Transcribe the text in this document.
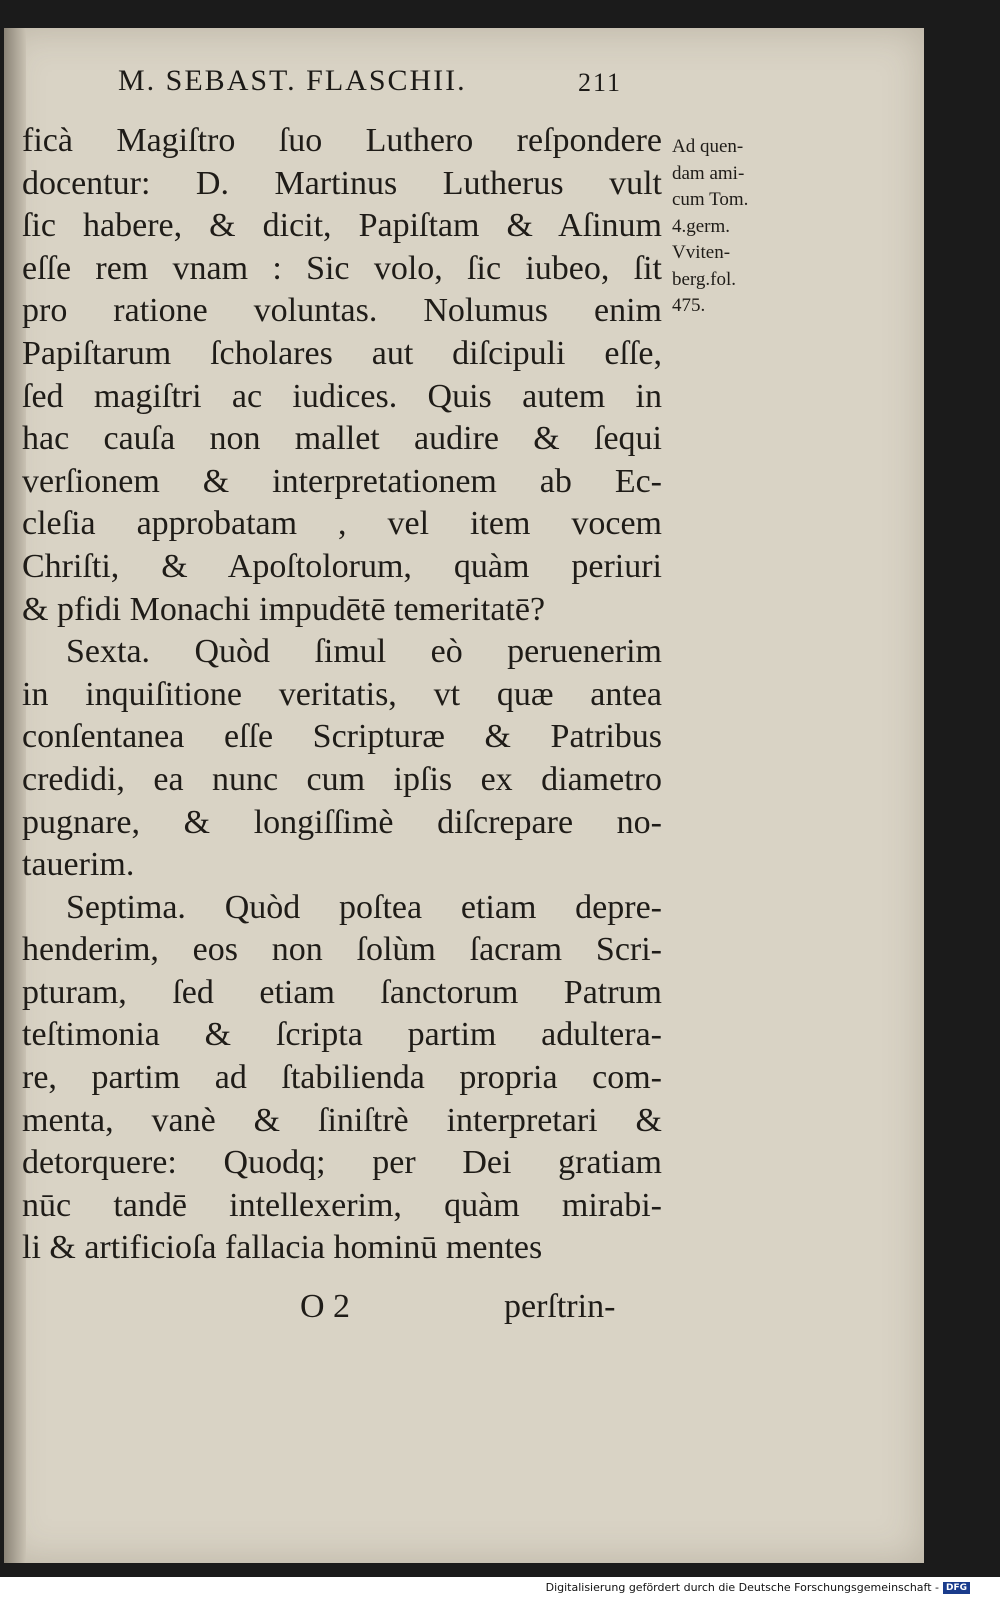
M. SEBAST. FLASCHII.	211
ficà Magiſtro ſuo Luthero reſpondere
docentur: D. Martinus Lutherus vult
ſic habere, & dicit, Papiſtam & Aſinum
eſſe rem vnam : Sic volo, ſic iubeo, ſit
pro ratione voluntas. Nolumus enim
Papiſtarum ſcholares aut diſcipuli eſſe,
ſed magiſtri ac iudices. Quis autem in
hac cauſa non mallet audire & ſequi
verſionem & interpretationem ab Ec-
cleſia approbatam , vel item vocem
Chriſti, & Apoſtolorum, quàm periuri
& pfidi Monachi impudētē temeritatē?
Sexta. Quòd ſimul eò peruenerim
in inquiſitione veritatis, vt quæ antea
conſentanea eſſe Scripturæ & Patribus
credidi, ea nunc cum ipſis ex diametro
pugnare, & longiſſimè diſcrepare no-
tauerim.
Septima. Quòd poſtea etiam depre-
henderim, eos non ſolùm ſacram Scri-
pturam, ſed etiam ſanctorum Patrum
teſtimonia & ſcripta partim adultera-
re, partim ad ſtabilienda propria com-
menta, vanè & ſiniſtrè interpretari &
detorquere: Quodq; per Dei gratiam
nūc tandē intellexerim, quàm mirabi-
li & artificioſa fallacia hominū mentes
Ad quen-
dam ami-
cum Tom.
4.germ.
Vviten-
berg.fol.
475.
O 2	perſtrin-
Digitalisierung gefördert durch die Deutsche Forschungsgemeinschaft - DFG
